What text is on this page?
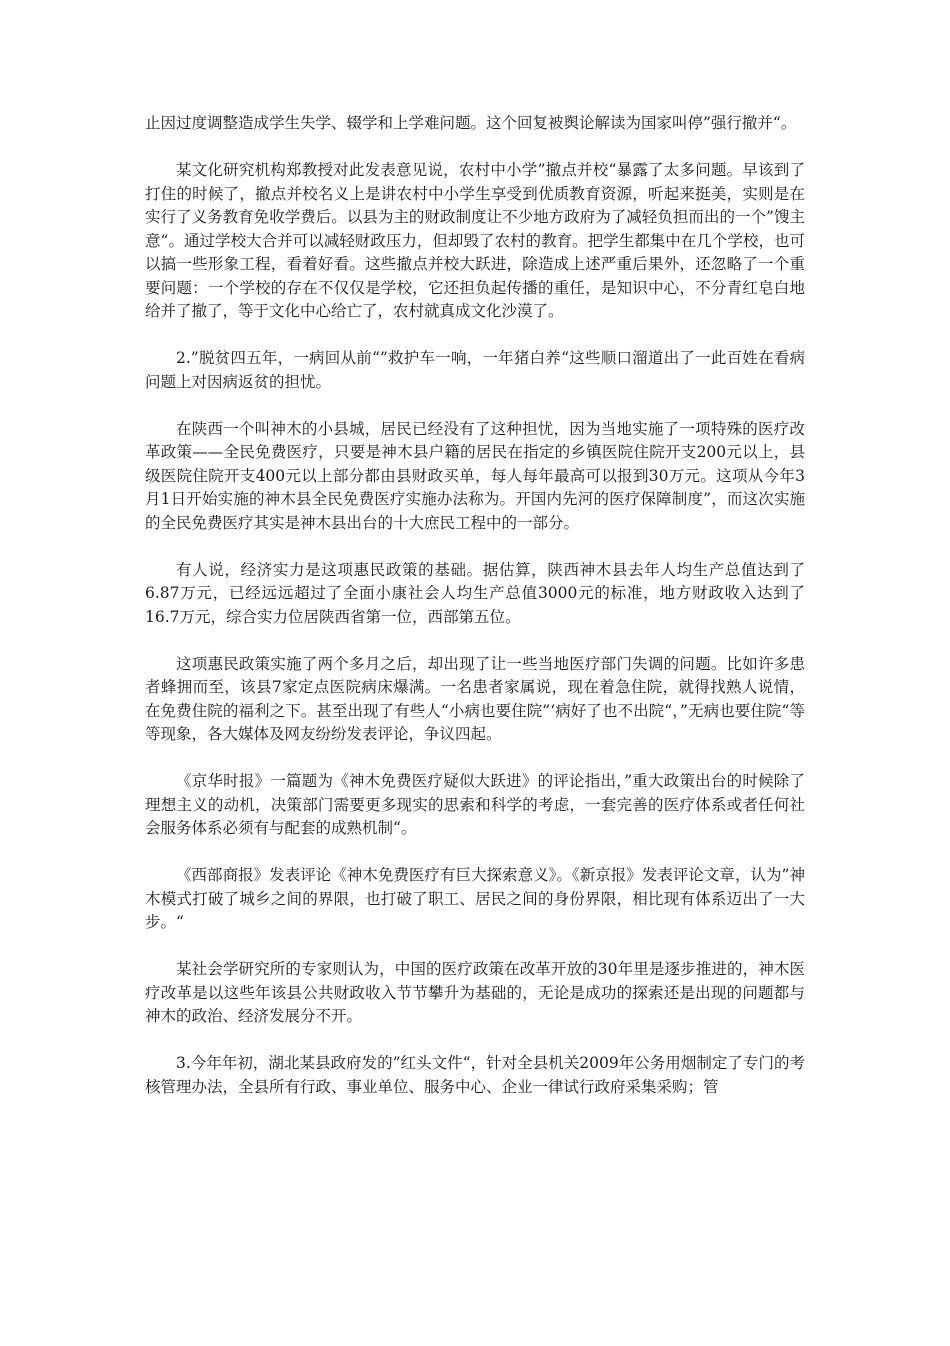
止因过度调整造成学生失学、辍学和上学难问题。这个回复被舆论解读为国家叫停”强行撤并“。

某文化研究机构郑教授对此发表意见说，农村中小学”撤点并校“暴露了太多问题。早该到了打住的时候了，撤点并校名义上是讲农村中小学生享受到优质教育资源，听起来挺美，实则是在实行了义务教育免收学费后。以县为主的财政制度让不少地方政府为了减轻负担而出的一个”馊主意“。通过学校大合并可以减轻财政压力，但却毁了农村的教育。把学生都集中在几个学校，也可以搞一些形象工程，看着好看。这些撤点并校大跃进，除造成上述严重后果外，还忽略了一个重要问题：一个学校的存在不仅仅是学校，它还担负起传播的重任，是知识中心，不分青红皂白地给并了撤了，等于文化中心给亡了，农村就真成文化沙漠了。

2.”脱贫四五年，一病回从前“”救护车一响，一年猪白养“这些顺口溜道出了一此百姓在看病问题上对因病返贫的担忧。

在陕西一个叫神木的小县城，居民已经没有了这种担忧，因为当地实施了一项特殊的医疗改革政策——全民免费医疗，只要是神木县户籍的居民在指定的乡镇医院住院开支200元以上，县级医院住院开支400元以上部分都由县财政买单，每人每年最高可以报到30万元。这项从今年3月1日开始实施的神木县全民免费医疗实施办法称为。开国内先河的医疗保障制度”，而这次实施的全民免费医疗其实是神木县出台的十大庶民工程中的一部分。

有人说，经济实力是这项惠民政策的基础。据估算，陕西神木县去年人均生产总值达到了6.87万元，已经远远超过了全面小康社会人均生产总值3000元的标准，地方财政收入达到了16.7万元，综合实力位居陕西省第一位，西部第五位。

这项惠民政策实施了两个多月之后，却出现了让一些当地医疗部门失调的问题。比如许多患者蜂拥而至，该县7家定点医院病床爆满。一名患者家属说，现在着急住院，就得找熟人说情，在免费住院的福利之下。甚至出现了有些人“小病也要住院”‘病好了也不出院“，”无病也要住院“等等现象，各大媒体及网友纷纷发表评论，争议四起。

《京华时报》一篇题为《神木免费医疗疑似大跃进》的评论指出，”重大政策出台的时候除了理想主义的动机，决策部门需要更多现实的思索和科学的考虑，一套完善的医疗体系或者任何社会服务体系必须有与配套的成熟机制“。

《西部商报》发表评论《神木免费医疗有巨大探索意义》。《新京报》发表评论文章，认为”神木模式打破了城乡之间的界限，也打破了职工、居民之间的身份界限，相比现有体系迈出了一大步。“

某社会学研究所的专家则认为，中国的医疗政策在改革开放的30年里是逐步推进的，神木医疗改革是以这些年该县公共财政收入节节攀升为基础的，无论是成功的探索还是出现的问题都与神木的政治、经济发展分不开。

3.今年年初，湖北某县政府发的”红头文件“，针对全县机关2009年公务用烟制定了专门的考核管理办法，全县所有行政、事业单位、服务中心、企业一律试行政府采集采购；管
